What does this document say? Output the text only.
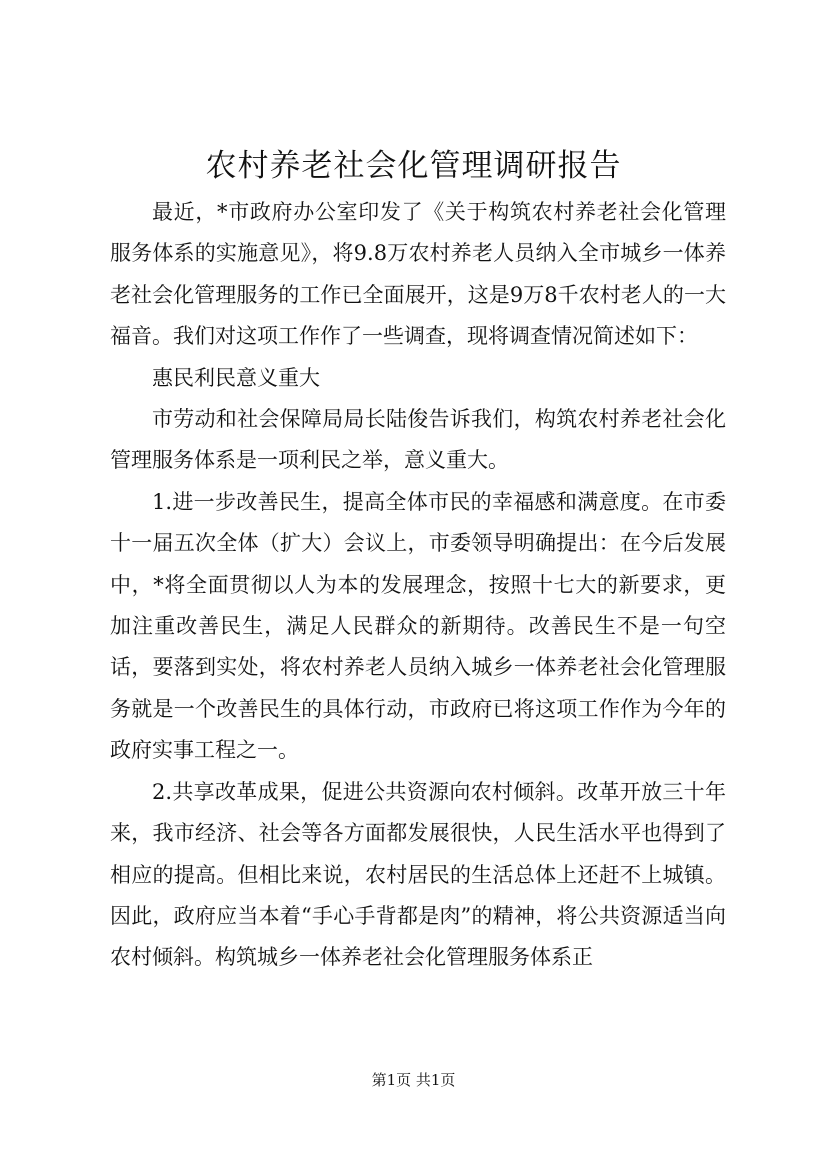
农村养老社会化管理调研报告

最近，*市政府办公室印发了《关于构筑农村养老社会化管理服务体系的实施意见》，将9.8万农村养老人员纳入全市城乡一体养老社会化管理服务的工作已全面展开，这是9万8千农村老人的一大福音。我们对这项工作作了一些调查，现将调查情况简述如下：

惠民利民意义重大

市劳动和社会保障局局长陆俊告诉我们，构筑农村养老社会化管理服务体系是一项利民之举，意义重大。

1.进一步改善民生，提高全体市民的幸福感和满意度。在市委十一届五次全体（扩大）会议上，市委领导明确提出：在今后发展中，*将全面贯彻以人为本的发展理念，按照十七大的新要求，更加注重改善民生，满足人民群众的新期待。改善民生不是一句空话，要落到实处，将农村养老人员纳入城乡一体养老社会化管理服务就是一个改善民生的具体行动，市政府已将这项工作作为今年的政府实事工程之一。

2.共享改革成果，促进公共资源向农村倾斜。改革开放三十年来，我市经济、社会等各方面都发展很快，人民生活水平也得到了相应的提高。但相比来说，农村居民的生活总体上还赶不上城镇。因此，政府应当本着“手心手背都是肉”的精神，将公共资源适当向农村倾斜。构筑城乡一体养老社会化管理服务体系正

第1页 共1页
